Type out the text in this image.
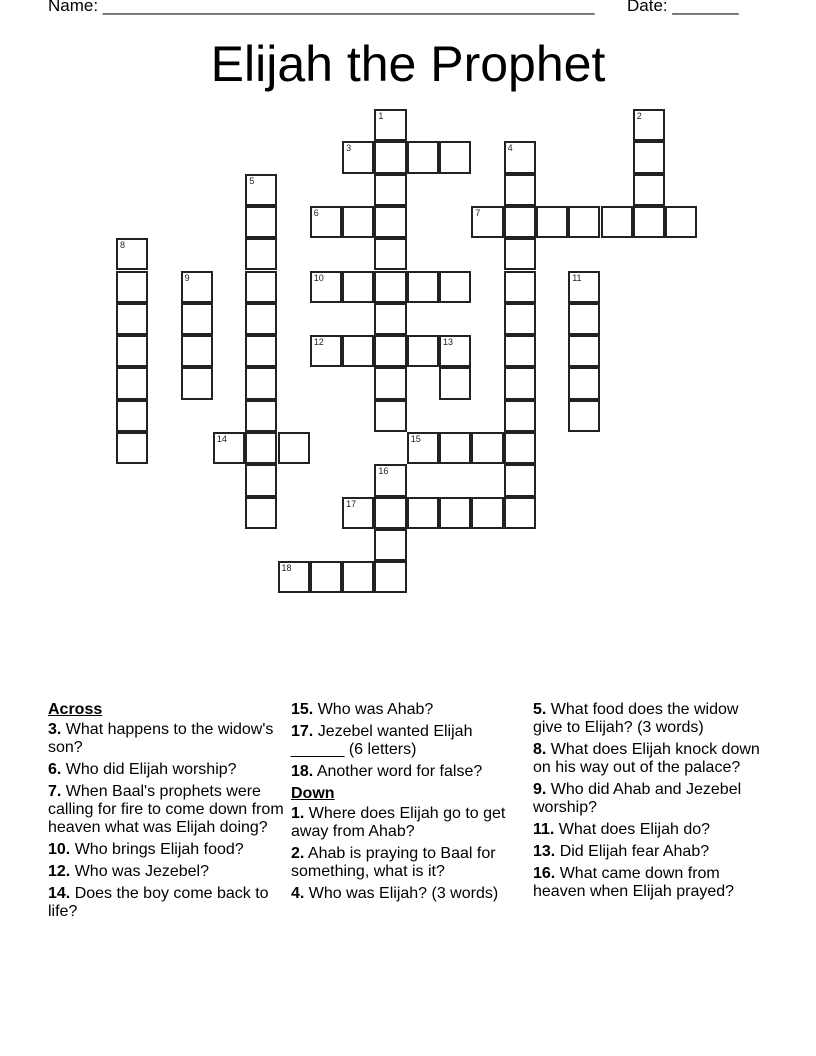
Name: ____________________________________________________ Date: _______
Elijah the Prophet
1	2
3	4
5
6	7
8
9	10	11
12	13
14	15
16
17
18
Across
3. What happens to the widow's son?
6. Who did Elijah worship?
7. When Baal's prophets were calling for fire to come down from heaven what was Elijah doing?
10. Who brings Elijah food?
12. Who was Jezebel?
14. Does the boy come back to life?
15. Who was Ahab?
17. Jezebel wanted Elijah ______ (6 letters)
18. Another word for false?
Down
1. Where does Elijah go to get away from Ahab?
2. Ahab is praying to Baal for something, what is it?
4. Who was Elijah? (3 words)
5. What food does the widow give to Elijah? (3 words)
8. What does Elijah knock down on his way out of the palace?
9. Who did Ahab and Jezebel worship?
11. What does Elijah do?
13. Did Elijah fear Ahab?
16. What came down from heaven when Elijah prayed?
